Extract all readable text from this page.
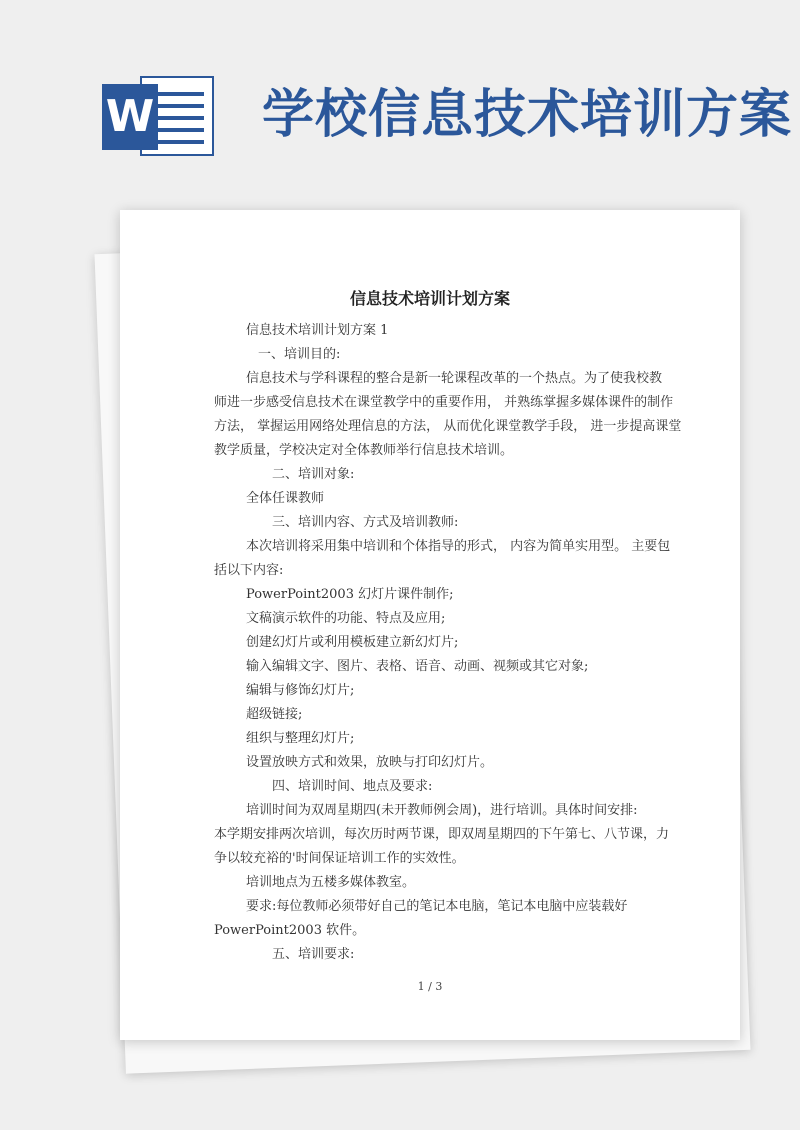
W 学校信息技术培训方案
信息技术培训计划方案

信息技术培训计划方案 1

一、培训目的:

信息技术与学科课程的整合是新一轮课程改革的一个热点。为了使我校教

师进一步感受信息技术在课堂教学中的重要作用， 并熟练掌握多媒体课件的制作

方法， 掌握运用网络处理信息的方法， 从而优化课堂教学手段， 进一步提高课堂

教学质量，学校决定对全体教师举行信息技术培训。

二、培训对象:

全体任课教师

三、培训内容、方式及培训教师:

本次培训将采用集中培训和个体指导的形式， 内容为简单实用型。 主要包

括以下内容:

PowerPoint2003 幻灯片课件制作;

文稿演示软件的功能、特点及应用;

创建幻灯片或利用模板建立新幻灯片;

输入编辑文字、图片、表格、语音、动画、视频或其它对象;

编辑与修饰幻灯片;

超级链接;

组织与整理幻灯片;

设置放映方式和效果，放映与打印幻灯片。

四、培训时间、地点及要求:

培训时间为双周星期四(未开教师例会周)，进行培训。具体时间安排:

本学期安排两次培训，每次历时两节课，即双周星期四的下午第七、八节课，力

争以较充裕的'时间保证培训工作的实效性。

培训地点为五楼多媒体教室。

要求:每位教师必须带好自己的笔记本电脑，笔记本电脑中应装载好

PowerPoint2003 软件。

五、培训要求:

1 / 3
